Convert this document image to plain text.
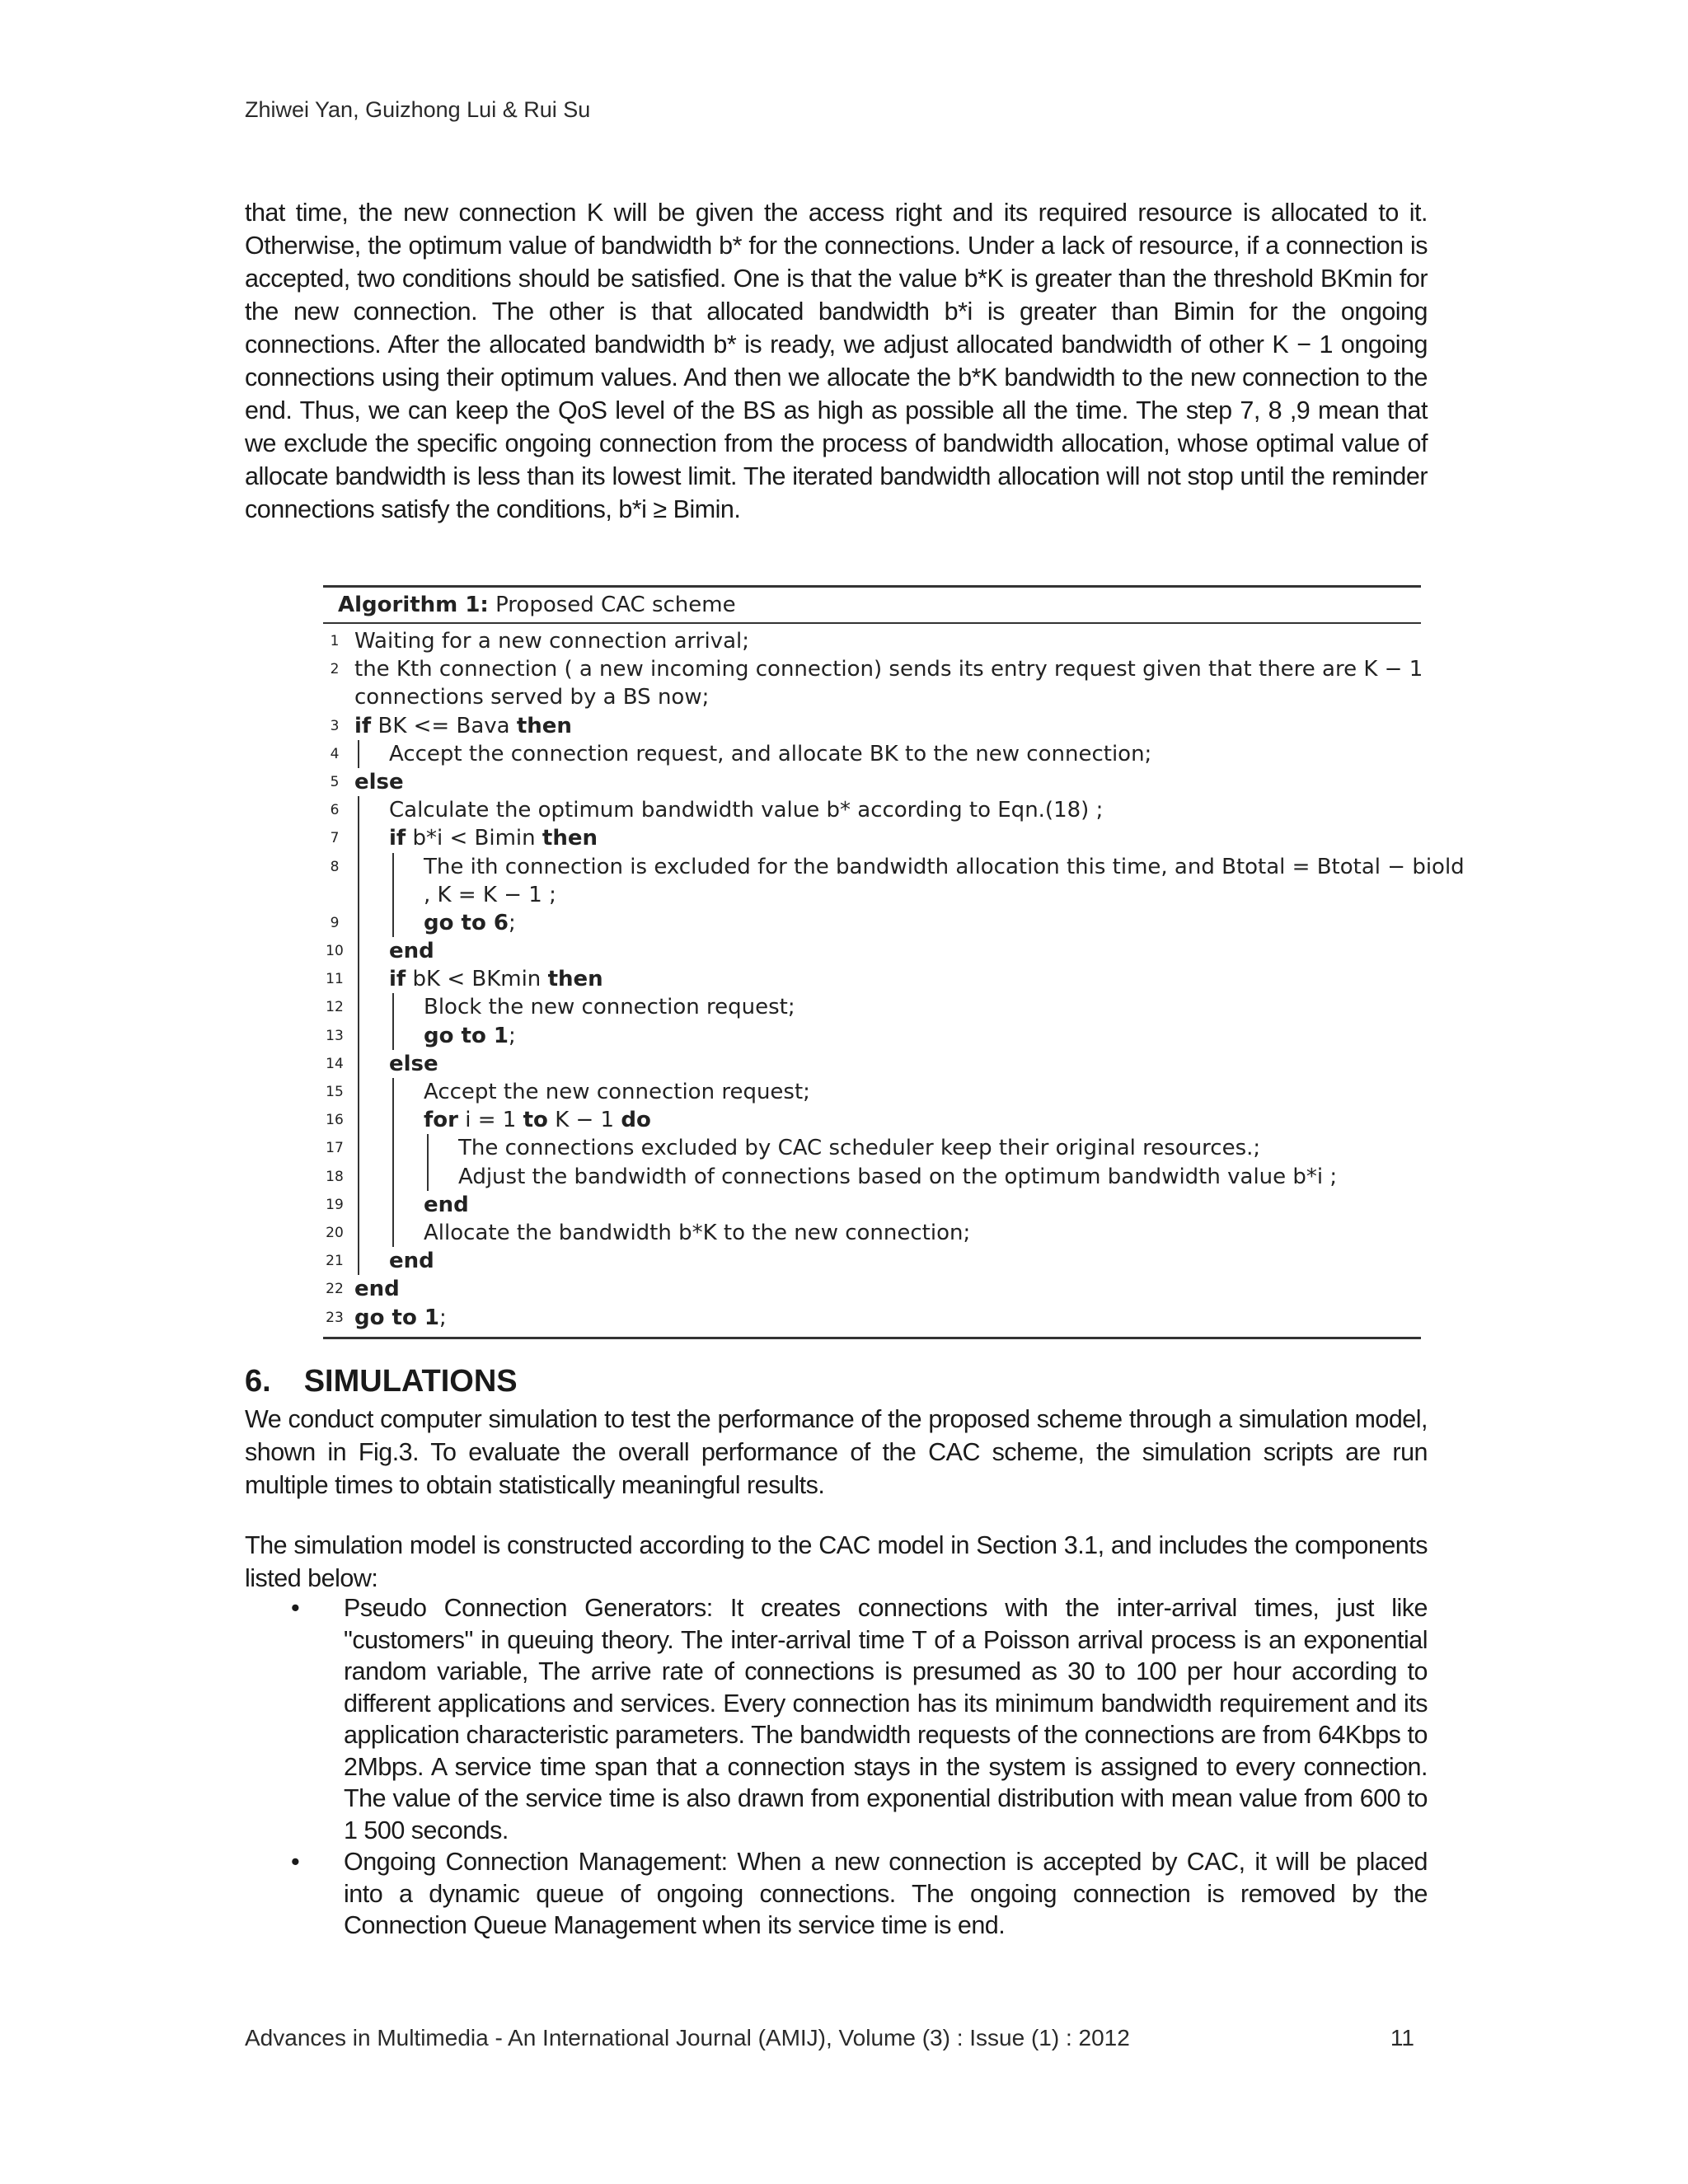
Zhiwei Yan, Guizhong Lui & Rui Su

that time, the new connection K will be given the access right and its required resource is allocated to it. Otherwise, the optimum value of bandwidth b* for the connections. Under a lack of resource, if a connection is accepted, two conditions should be satisfied. One is that the value b*K is greater than the threshold BKmin for the new connection. The other is that allocated bandwidth b*i is greater than Bimin for the ongoing connections. After the allocated bandwidth b* is ready, we adjust allocated bandwidth of other K − 1 ongoing connections using their optimum values. And then we allocate the b*K bandwidth to the new connection to the end. Thus, we can keep the QoS level of the BS as high as possible all the time. The step 7, 8 ,9 mean that we exclude the specific ongoing connection from the process of bandwidth allocation, whose optimal value of allocate bandwidth is less than its lowest limit. The iterated bandwidth allocation will not stop until the reminder connections satisfy the conditions, b*i ≥ Bimin.

Algorithm 1: Proposed CAC scheme
1 Waiting for a new connection arrival;
2 the Kth connection ( a new incoming connection) sends its entry request given that there are K − 1
connections served by a BS now;
3 if BK <= Bava then
4	Accept the connection request, and allocate BK to the new connection;
5 else
6	Calculate the optimum bandwidth value b* according to Eqn.(18) ;
7	if b*i < Bimin then
8	The ith connection is excluded for the bandwidth allocation this time, and Btotal = Btotal − biold
, K = K − 1 ;
9	go to 6;
10 end
11 if bK < BKmin then
12	Block the new connection request;
13	go to 1;
14 else
15	Accept the new connection request;
16	for i = 1 to K − 1 do
17	The connections excluded by CAC scheduler keep their original resources.;
18	Adjust the bandwidth of connections based on the optimum bandwidth value b*i ;
19	end
20	Allocate the bandwidth b*K to the new connection;
21 end
22 end
23 go to 1;
6. SIMULATIONS

We conduct computer simulation to test the performance of the proposed scheme through a simulation model, shown in Fig.3. To evaluate the overall performance of the CAC scheme, the simulation scripts are run multiple times to obtain statistically meaningful results.

The simulation model is constructed according to the CAC model in Section 3.1, and includes the components listed below:

• Pseudo Connection Generators: It creates connections with the inter-arrival times, just like "customers" in queuing theory. The inter-arrival time T of a Poisson arrival process is an exponential random variable, The arrive rate of connections is presumed as 30 to 100 per hour according to different applications and services. Every connection has its minimum bandwidth requirement and its application characteristic parameters. The bandwidth requests of the connections are from 64Kbps to 2Mbps. A service time span that a connection stays in the system is assigned to every connection. The value of the service time is also drawn from exponential distribution with mean value from 600 to 1 500 seconds.
• Ongoing Connection Management: When a new connection is accepted by CAC, it will be placed into a dynamic queue of ongoing connections. The ongoing connection is removed by the Connection Queue Management when its service time is end.
Advances in Multimedia - An International Journal (AMIJ), Volume (3) : Issue (1) : 2012	11
